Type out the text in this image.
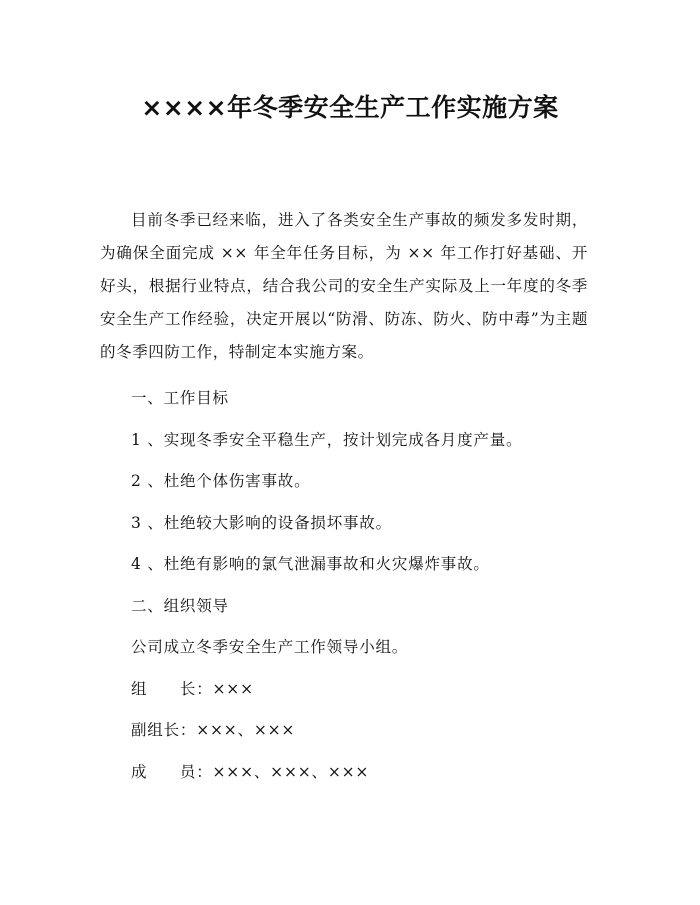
××××年冬季安全生产工作实施方案

目前冬季已经来临，进入了各类安全生产事故的频发多发时期，为确保全面完成 ×× 年全年任务目标，为 ×× 年工作打好基础、开好头，根据行业特点，结合我公司的安全生产实际及上一年度的冬季安全生产工作经验，决定开展以“防滑、防冻、防火、防中毒”为主题的冬季四防工作，特制定本实施方案。

一、工作目标

1 、实现冬季安全平稳生产，按计划完成各月度产量。

2 、杜绝个体伤害事故。

3 、杜绝较大影响的设备损坏事故。

4 、杜绝有影响的氯气泄漏事故和火灾爆炸事故。

二、组织领导

公司成立冬季安全生产工作领导小组。

组　　长：×××

副组长：×××、×××

成　　员：×××、×××、×××
